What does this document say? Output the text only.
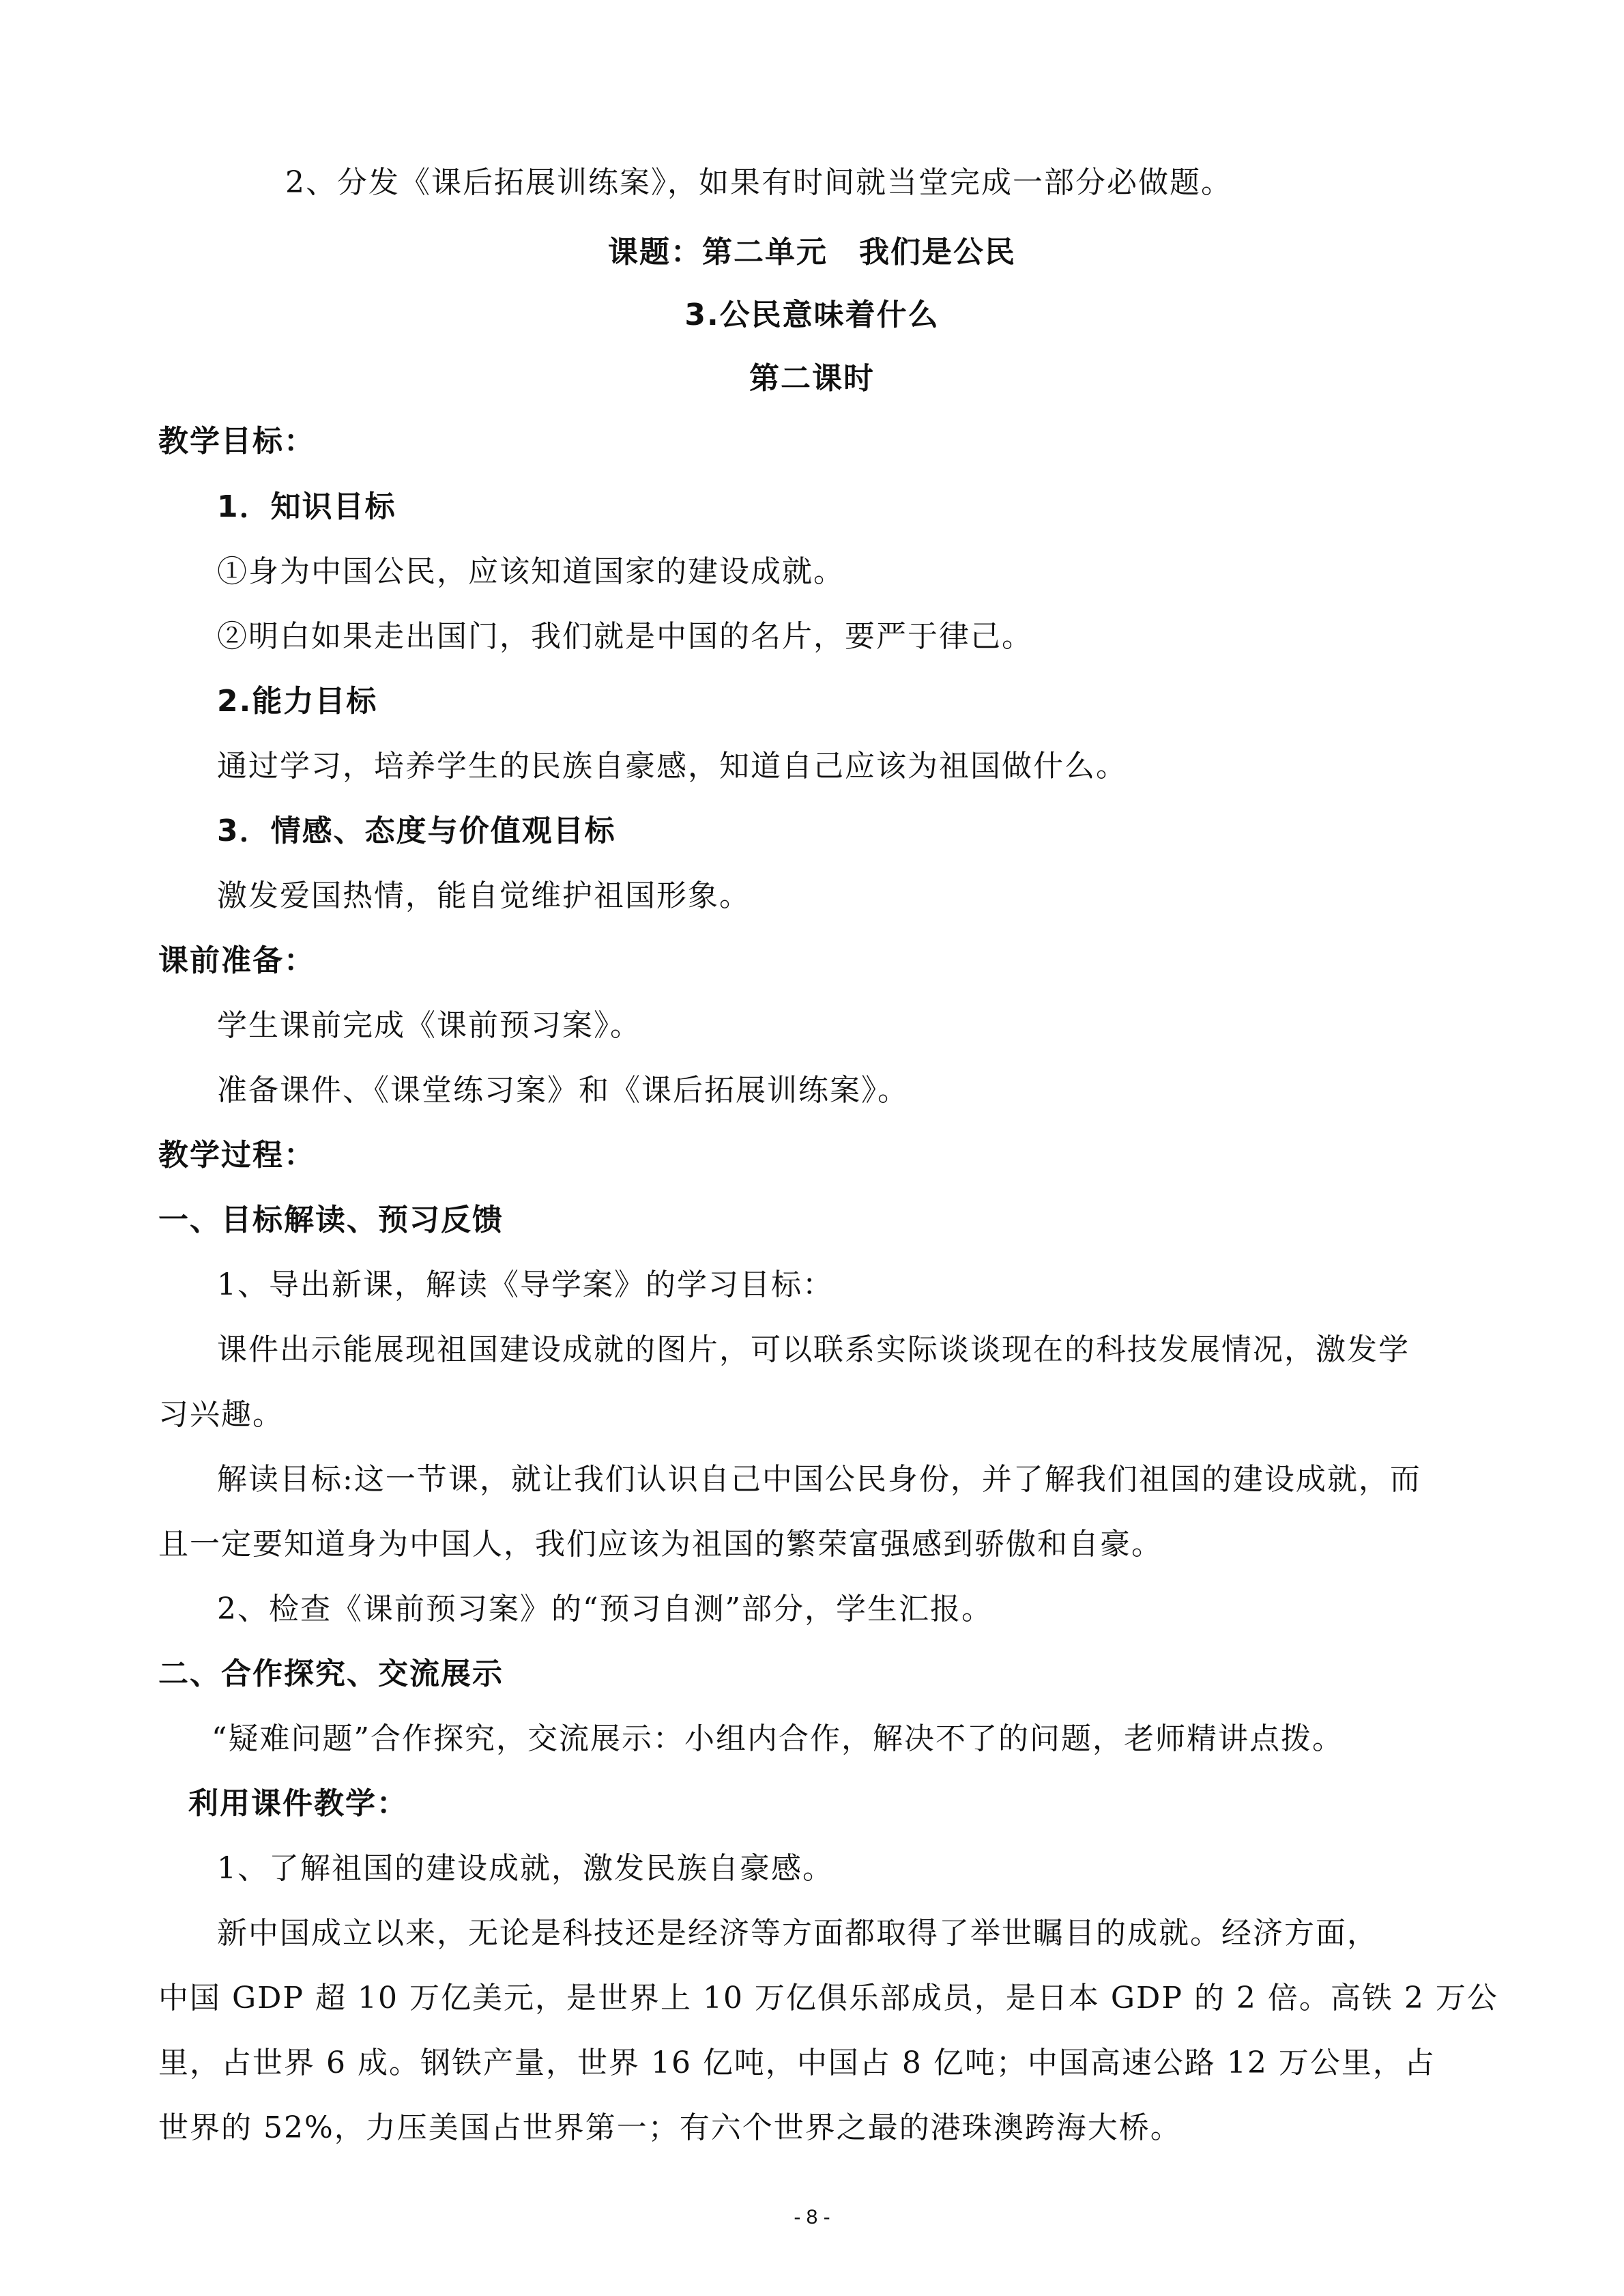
2、分发《课后拓展训练案》，如果有时间就当堂完成一部分必做题。
课题：第二单元　我们是公民
3.公民意味着什么
第二课时
教学目标：
1．知识目标
①身为中国公民，应该知道国家的建设成就。
②明白如果走出国门，我们就是中国的名片，要严于律己。
2.能力目标
通过学习，培养学生的民族自豪感，知道自己应该为祖国做什么。
3．情感、态度与价值观目标
激发爱国热情，能自觉维护祖国形象。
课前准备：
学生课前完成《课前预习案》。
准备课件、《课堂练习案》和《课后拓展训练案》。
教学过程：
一、目标解读、预习反馈
1、导出新课，解读《导学案》的学习目标：
课件出示能展现祖国建设成就的图片，可以联系实际谈谈现在的科技发展情况，激发学
习兴趣。
解读目标:这一节课，就让我们认识自己中国公民身份，并了解我们祖国的建设成就，而
且一定要知道身为中国人，我们应该为祖国的繁荣富强感到骄傲和自豪。
2、检查《课前预习案》的“预习自测”部分，学生汇报。
二、合作探究、交流展示
“疑难问题”合作探究，交流展示：小组内合作，解决不了的问题，老师精讲点拨。
利用课件教学：
1、了解祖国的建设成就，激发民族自豪感。
新中国成立以来，无论是科技还是经济等方面都取得了举世瞩目的成就。经济方面，
中国 GDP 超 10 万亿美元，是世界上 10 万亿俱乐部成员，是日本 GDP 的 2 倍。高铁 2 万公
里，占世界 6 成。钢铁产量，世界 16 亿吨，中国占 8 亿吨；中国高速公路 12 万公里，占
世界的 52%，力压美国占世界第一；有六个世界之最的港珠澳跨海大桥。
- 8 -
